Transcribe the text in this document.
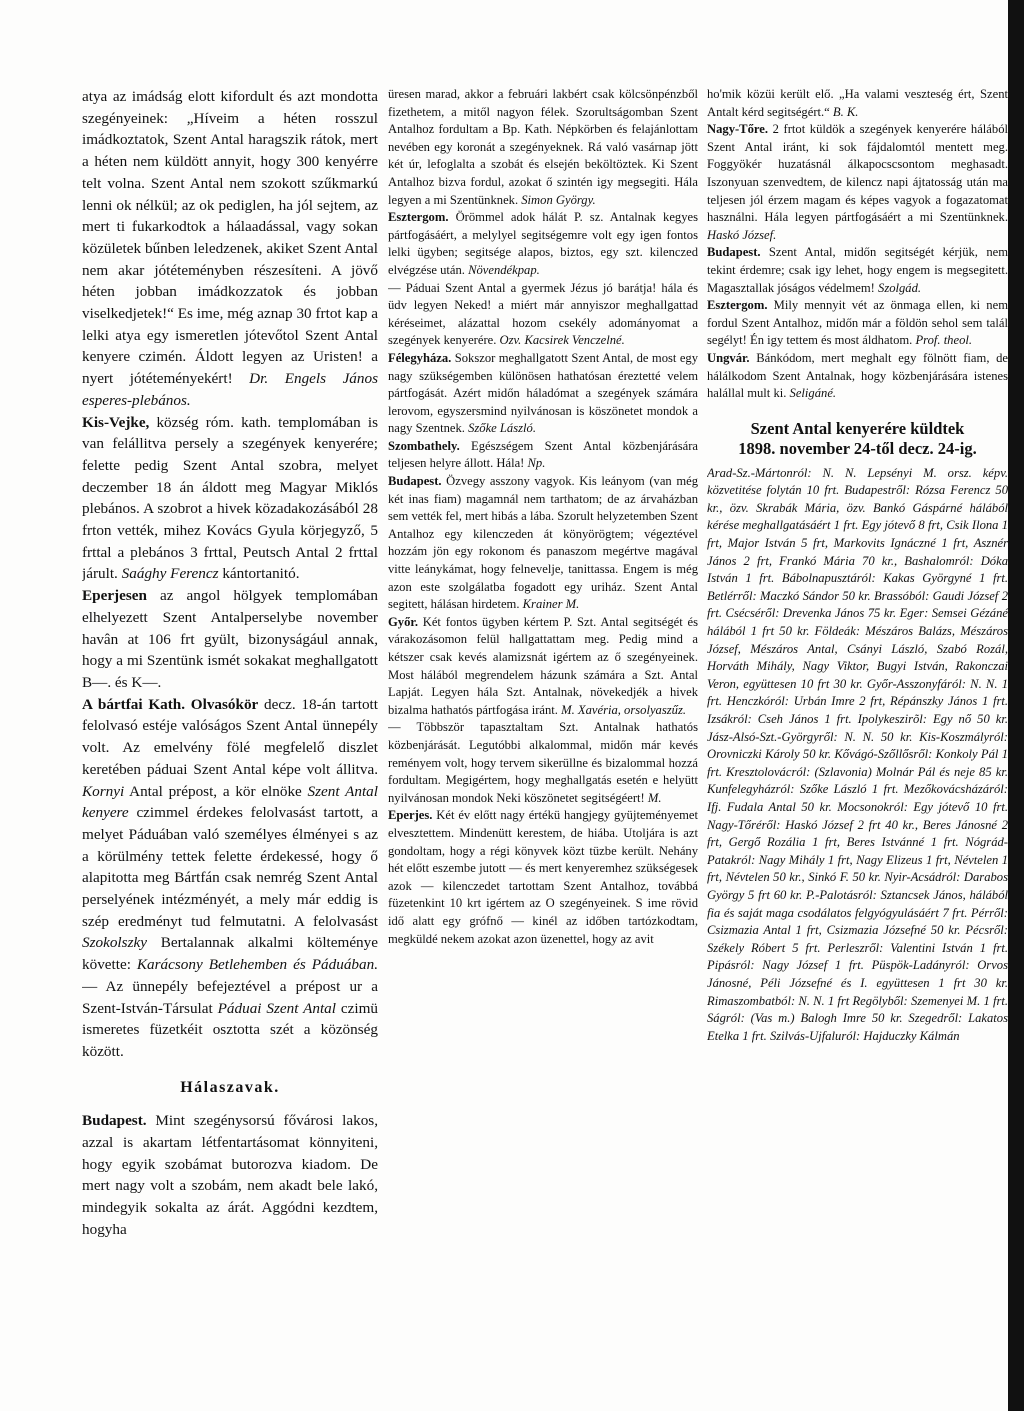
atya az imádság elott kifordult és azt mondotta szegényeinek: „Híveim a héten rosszul imádkoztatok, Szent Antal haragszik rátok, mert a héten nem küldött annyit, hogy 300 kenyérre telt volna. Szent Antal nem szokott szűkmarkú lenni ok nélkül; az ok pediglen, ha jól sejtem, az mert ti fukarkodtok a hálaadással, vagy sokan közületek bűnben leledzenek, akiket Szent Antal nem akar jótéteményben részesíteni. A jövő héten jobban imádkozzatok és jobban viselkedjetek!“ Es ime, még aznap 30 frtot kap a lelki atya egy ismeretlen jótevőtol Szent Antal kenyere czimén. Áldott legyen az Uristen! a nyert jótéteményekért! Dr. Engels János esperes-plebános.

Kis-Vejke, község róm. kath. templomában is van felállitva persely a szegények kenyerére; felette pedig Szent Antal szobra, melyet deczember 18 án áldott meg Magyar Miklós plebános. A szobrot a hivek közadakozásából 28 frton vették, mihez Kovács Gyula körjegyző, 5 frttal a plebános 3 frttal, Peutsch Antal 2 frttal járult. Saághy Ferencz kántortanitó.

Eperjesen az angol hölgyek templomában elhelyezett Szent Antalperselybe november havân at 106 frt gyült, bizonyságául annak, hogy a mi Szentünk ismét sokakat meghallgatott B—. és K—.

A bártfai Kath. Olvasókör decz. 18-án tartott felolvasó estéje valóságos Szent Antal ünnepély volt. Az emelvény fölé megfelelő diszlet keretében páduai Szent Antal képe volt állitva. Kornyi Antal prépost, a kör elnöke Szent Antal kenyere czimmel érdekes felolvasást tartott, a melyet Páduában való személyes élményei s az a körülmény tettek felette érdekessé, hogy ő alapitotta meg Bártfán csak nemrég Szent Antal perselyének intézményét, a mely már eddig is szép eredményt tud felmutatni. A felolvasást Szokolszky Bertalannak alkalmi költeménye követte: Karácsony Betlehemben és Páduában. — Az ünnepély befejeztével a prépost ur a Szent-István-Társulat Páduai Szent Antal czimü ismeretes füzetkéit osztotta szét a közönség között.

Hálaszavak.

Budapest. Mint szegénysorsú fővárosi lakos, azzal is akartam létfentartásomat könnyiteni, hogy egyik szobámat butorozva kiadom. De mert nagy volt a szobám, nem akadt bele lakó, mindegyik sokalta az árát. Aggódni kezdtem, hogyha

üresen marad, akkor a februári lakbért csak kölcsönpénzből fizethetem, a mitől nagyon félek. Szorultságomban Szent Antalhoz fordultam a Bp. Kath. Népkörben és felajánlottam nevében egy koronát a szegényeknek. Rá való vasárnap jött két úr, lefoglalta a szobát és elsején beköltöztek. Ki Szent Antalhoz bizva fordul, azokat ő szintén igy megsegiti. Hála legyen a mi Szentünknek. Simon György.

Esztergom. Örömmel adok hálát P. sz. Antalnak kegyes pártfogásáért, a melylyel segitségemre volt egy igen fontos lelki ügyben; segitsége alapos, biztos, egy szt. kilenczed elvégzése után. Növendékpap.

— Páduai Szent Antal a gyermek Jézus jó barátja! hála és üdv legyen Neked! a miért már annyiszor meghallgattad kéréseimet, alázattal hozom csekély adományomat a szegények kenyerére. Ozv. Kacsirek Venczelné.

Félegyháza. Sokszor meghallgatott Szent Antal, de most egy nagy szükségemben különösen hathatósan éreztetté velem pártfogását. Azért midőn háladómat a szegények számára lerovom, egyszersmind nyilvánosan is köszönetet mondok a nagy Szentnek. Szőke László.

Szombathely. Egészségem Szent Antal közbenjárására teljesen helyre állott. Hála! Np.

Budapest. Özvegy asszony vagyok. Kis leányom (van még két inas fiam) magamnál nem tarthatom; de az árvaházban sem vették fel, mert hibás a lába. Szorult helyzetemben Szent Antalhoz egy kilenczeden át könyörögtem; végeztével hozzám jön egy rokonom és panaszom megértve magával vitte leánykámat, hogy felnevelje, tanittassa. Engem is még azon este szolgálatba fogadott egy uriház. Szent Antal segitett, hálásan hirdetem. Krainer M.

Győr. Két fontos ügyben kértem P. Szt. Antal segitségét és várakozásomon felül hallgattattam meg. Pedig mind a kétszer csak kevés alamizsnát igértem az ő szegényeinek. Most hálából megrendelem házunk számára a Szt. Antal Lapját. Legyen hála Szt. Antalnak, növekedjék a hivek bizalma hathatós pártfogása iránt. M. Xavéria, orsolyaszűz.

— Többször tapasztaltam Szt. Antalnak hathatós közbenjárását. Legutóbbi alkalommal, midőn már kevés reményem volt, hogy tervem sikerüllne és bizalommal hozzá fordultam. Megigértem, hogy meghallgatás esetén e helyütt nyilvánosan mondok Neki köszönetet segitségéert! M.

Eperjes. Két év előtt nagy értékü hangjegy gyüjteményemet elvesztettem. Mindenütt kerestem, de hiába. Utoljára is azt gondoltam, hogy a régi könyvek közt tüzbe került. Nehány hét előtt eszembe jutott — és mert kenyeremhez szükségesek azok — kilenczedet tartottam Szent Antalhoz, továbbá füzetenkint 10 krt igértem az O szegényeinek. S ime rövid idő alatt egy grófnő — kinél az időben tartózkodtam, megküldé nekem azokat azon üzenettel, hogy az avit

ho'mik közüi került elő. „Ha valami veszteség ért, Szent Antalt kérd segitségért.“ B. K.

Nagy-Tőre. 2 frtot küldök a szegények kenyerére hálából Szent Antal iránt, ki sok fájdalomtól mentett meg. Foggyökér huzatásnál álkapocscsontom meghasadt. Iszonyuan szenvedtem, de kilencz napi ájtatosság után ma teljesen jól érzem magam és képes vagyok a fogazatomat használni. Hála legyen pártfogásáért a mi Szentünknek. Haskó József.

Budapest. Szent Antal, midőn segitségét kérjük, nem tekint érdemre; csak igy lehet, hogy engem is megsegitett. Magasztallak jóságos védelmem! Szolgád.

Esztergom. Mily mennyit vét az önmaga ellen, ki nem fordul Szent Antalhoz, midőn már a földön sehol sem talál segélyt! Én igy tettem és most áldhatom. Prof. theol.

Ungvár. Bánkódom, mert meghalt egy fölnött fiam, de hálálkodom Szent Antalnak, hogy közbenjárására istenes halállal mult ki. Seligáné.

Szent Antal kenyerére küldtek
1898. november 24-től decz. 24-ig.

Arad-Sz.-Mártonról: N. N. Lepsényi M. orsz. képv. közvetitése folytán 10 frt. Budapestről: Rózsa Ferencz 50 kr., özv. Skrabák Mária, özv. Bankó Gáspárné hálából kérése meghallgatásáért 1 frt. Egy jótevő 8 frt, Csik Ilona 1 frt, Major István 5 frt, Markovits Ignáczné 1 frt, Asznér János 2 frt, Frankó Mária 70 kr., Bashalomról: Dóka István 1 frt. Bábolnapusztáról: Kakas Györgyné 1 frt. Betlérről: Maczkó Sándor 50 kr. Brassóból: Gaudi József 2 frt. Csécséről: Drevenka János 75 kr. Eger: Semsei Gézáné hálából 1 frt 50 kr. Földeák: Mészáros Balázs, Mészáros József, Mészáros Antal, Csányi László, Szabó Rozál, Horváth Mihály, Nagy Viktor, Bugyi István, Rakonczai Veron, együttesen 10 frt 30 kr. Győr-Asszonyfáról: N. N. 1 frt. Henczkóról: Urbán Imre 2 frt, Répánszky János 1 frt. Izsákról: Cseh János 1 frt. Ipolykeszirõl: Egy nő 50 kr. Jász-Alsó-Szt.-Györgyről: N. N. 50 kr. Kis-Koszmályról: Orovniczki Károly 50 kr. Kővágó-Szőllősről: Konkoly Pál 1 frt. Kresztolovácról: (Szlavonia) Molnár Pál és neje 85 kr. Kunfelegyházról: Szőke László 1 frt. Mezőkovácsházáról: Ifj. Fudala Antal 50 kr. Mocsonokról: Egy jótevő 10 frt. Nagy-Tőréről: Haskó József 2 frt 40 kr., Beres Jánosné 2 frt, Gergő Rozália 1 frt, Beres Istvánné 1 frt. Nógrád-Patakról: Nagy Mihály 1 frt, Nagy Elizeus 1 frt, Névtelen 1 frt, Névtelen 50 kr., Sinkó F. 50 kr. Nyir-Acsádról: Darabos György 5 frt 60 kr. P.-Palotásról: Sztancsek János, hálából fia és saját maga csodálatos felgyógyulásáért 7 frt. Pérről: Csizmazia Antal 1 frt, Csizmazia Józsefné 50 kr. Pécsről: Székely Róbert 5 frt. Perleszről: Valentini István 1 frt. Pipásról: Nagy József 1 frt. Püspök-Ladányról: Orvos Jánosné, Péli Józsefné és I. együttesen 1 frt 30 kr. Rimaszombatból: N. N. 1 frt Regölyből: Szemenyei M. 1 frt. Ságról: (Vas m.) Balogh Imre 50 kr. Szegedről: Lakatos Etelka 1 frt. Szilvás-Ujfaluról: Hajduczky Kálmán
